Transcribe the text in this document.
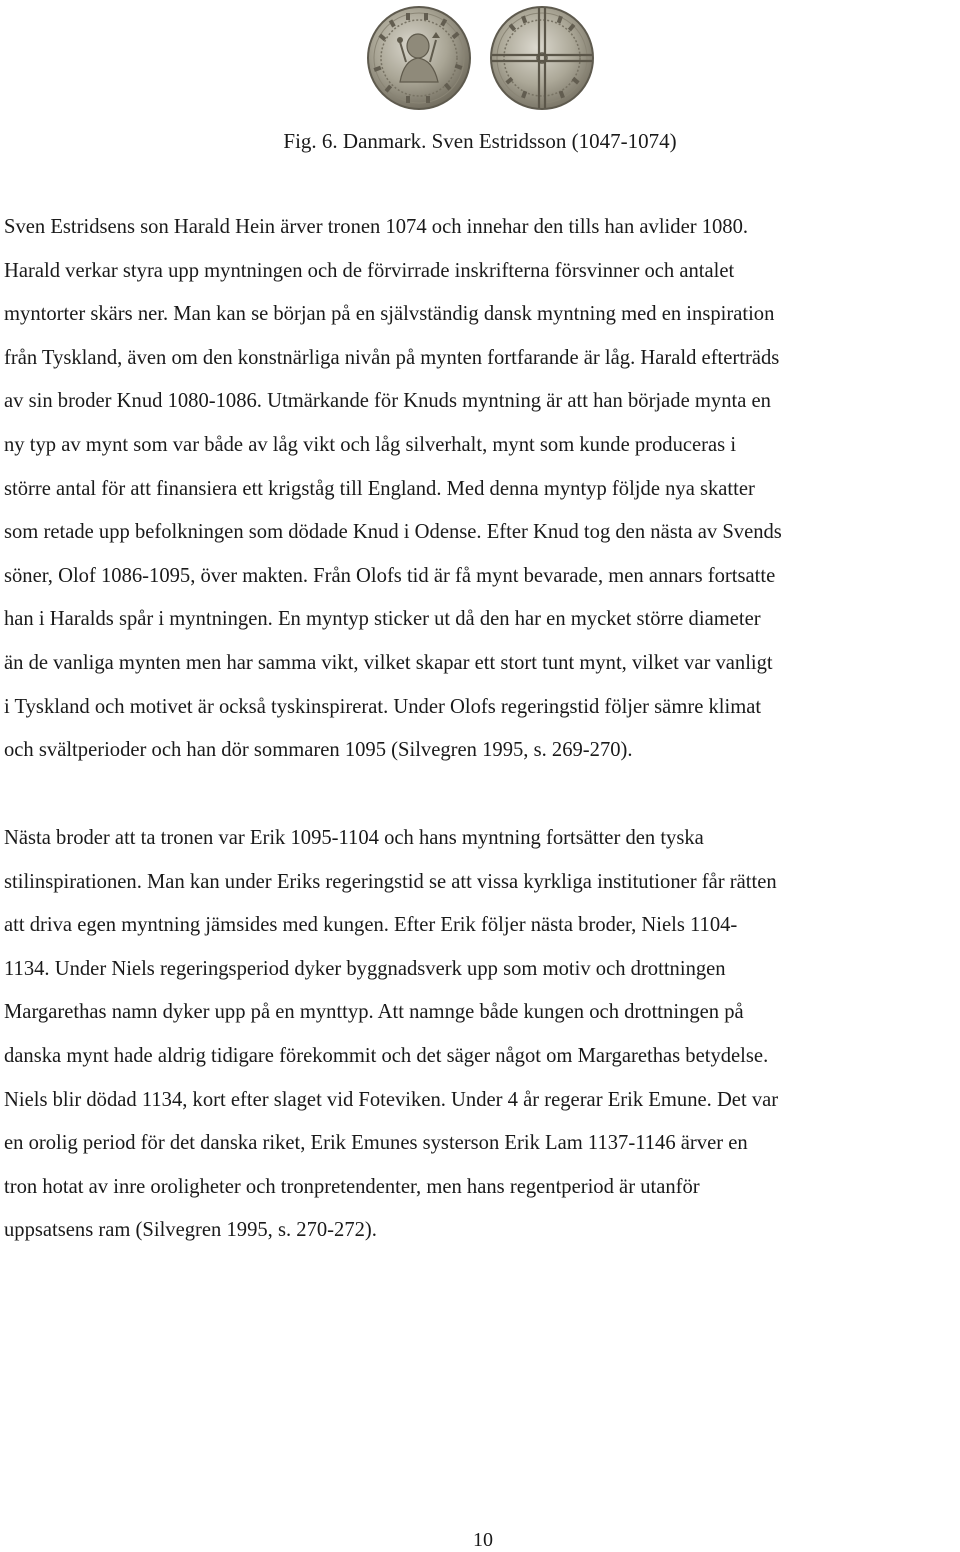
Fig. 6. Danmark. Sven Estridsson (1047-1074)

Sven Estridsens son Harald Hein ärver tronen 1074 och innehar den tills han avlider 1080.
Harald verkar styra upp myntningen och de förvirrade inskrifterna försvinner och antalet
myntorter skärs ner. Man kan se början på en självständig dansk myntning med en inspiration
från Tyskland, även om den konstnärliga nivån på mynten fortfarande är låg. Harald efterträds
av sin broder Knud 1080-1086. Utmärkande för Knuds myntning är att han började mynta en
ny typ av mynt som var både av låg vikt och låg silverhalt, mynt som kunde produceras i
större antal för att finansiera ett krigståg till England. Med denna myntyp följde nya skatter
som retade upp befolkningen som dödade Knud i Odense. Efter Knud tog den nästa av Svends
söner, Olof 1086-1095, över makten. Från Olofs tid är få mynt bevarade, men annars fortsatte
han i Haralds spår i myntningen. En myntyp sticker ut då den har en mycket större diameter
än de vanliga mynten men har samma vikt, vilket skapar ett stort tunt mynt, vilket var vanligt
i Tyskland och motivet är också tyskinspirerat. Under Olofs regeringstid följer sämre klimat
och svältperioder och han dör sommaren 1095 (Silvegren 1995, s. 269-270).

Nästa broder att ta tronen var Erik 1095-1104 och hans myntning fortsätter den tyska
stilinspirationen. Man kan under Eriks regeringstid se att vissa kyrkliga institutioner får rätten
att driva egen myntning jämsides med kungen. Efter Erik följer nästa broder, Niels 1104-
1134. Under Niels regeringsperiod dyker byggnadsverk upp som motiv och drottningen
Margarethas namn dyker upp på en mynttyp. Att namnge både kungen och drottningen på
danska mynt hade aldrig tidigare förekommit och det säger något om Margarethas betydelse.
Niels blir dödad 1134, kort efter slaget vid Foteviken. Under 4 år regerar Erik Emune. Det var
en orolig period för det danska riket, Erik Emunes systerson Erik Lam 1137-1146 ärver en
tron hotat av inre oroligheter och tronpretendenter, men hans regentperiod är utanför
uppsatsens ram (Silvegren 1995, s. 270-272).

10
